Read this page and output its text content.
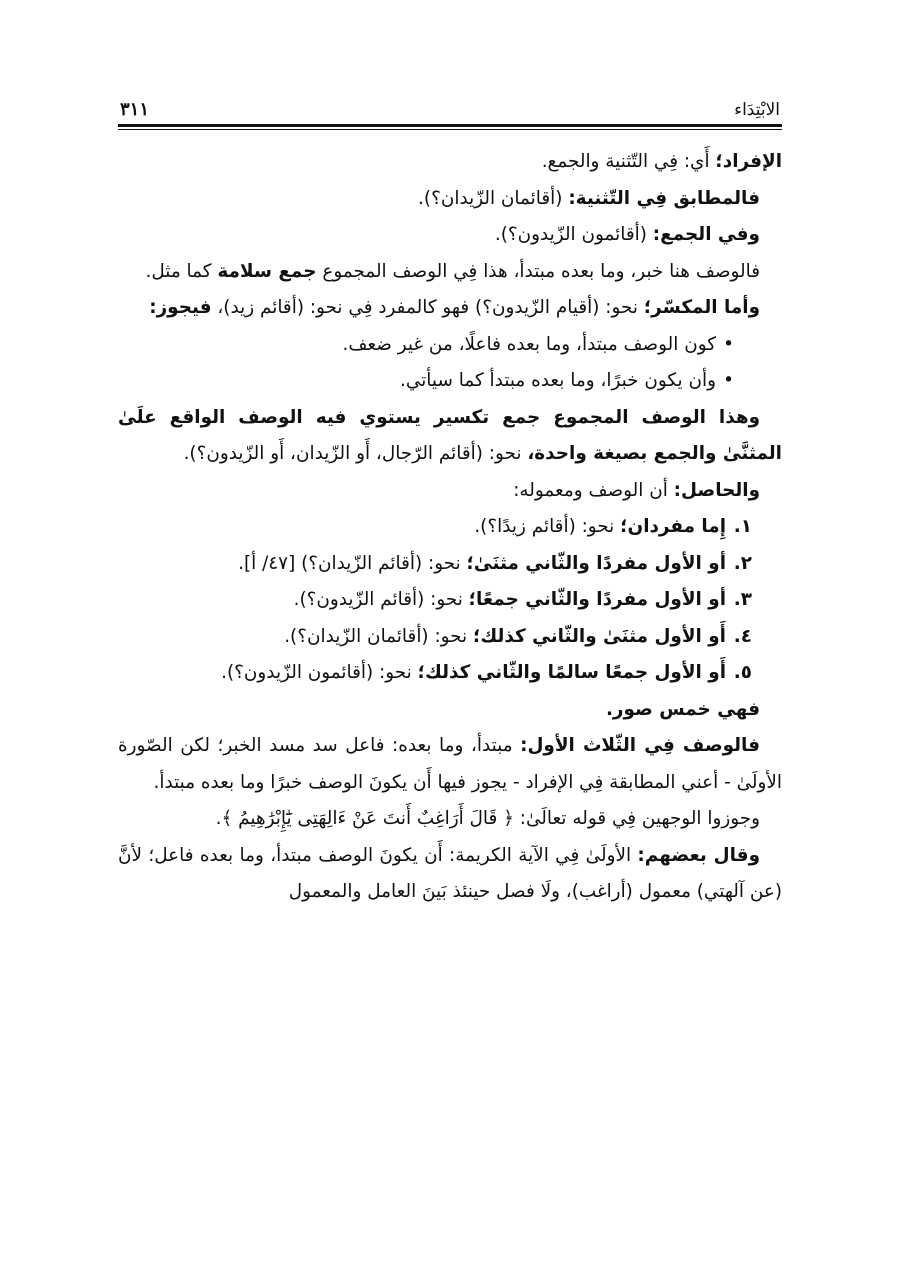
الابْتِدَاء
٣١١

الإفراد؛ أَي: فِي التّثنية والجمع.

فالمطابق فِي التّثنية: (أقائمان الزّيدان؟).

وفي الجمع: (أقائمون الزّيدون؟).

فالوصف هنا خبر، وما بعده مبتدأ، هذا فِي الوصف المجموع جمع سلامة كما مثل.

وأما المكسّر؛ نحو: (أقيام الزّيدون؟) فهو كالمفرد فِي نحو: (أقائم زيد)، فيجوز:

• كون الوصف مبتدأ، وما بعده فاعلًا، من غير ضعف.
• وأن يكون خبرًا، وما بعده مبتدأ كما سيأتي.

وهذا الوصف المجموع جمع تكسير يستوي فيه الوصف الواقع علَىٰ المثنَّىٰ والجمع بصيغة واحدة، نحو: (أقائم الرّجال، أَو الزّيدان، أَو الزّيدون؟).

والحاصل: أن الوصف ومعموله:

١.إِما مفردان؛ نحو: (أقائم زيدًا؟).
٢.أو الأول مفردًا والثّاني مثنَىٰ؛ نحو: (أقائم الزّيدان؟) [٤٧/ أ].
٣.أو الأول مفردًا والثّاني جمعًا؛ نحو: (أقائم الزّيدون؟).
٤.أَو الأول مثنَىٰ والثّاني كذلك؛ نحو: (أقائمان الزّيدان؟).
٥.أَو الأول جمعًا سالمًا والثّاني كذلك؛ نحو: (أقائمون الزّيدون؟).

فهي خمس صور.

فالوصف فِي الثّلاث الأول: مبتدأ، وما بعده: فاعل سد مسد الخبر؛ لكن الصّورة الأولَىٰ - أعني المطابقة فِي الإفراد - يجوز فيها أَن يكونَ الوصف خبرًا وما بعده مبتدأ.

وجوزوا الوجهين فِي قوله تعالَىٰ: ﴿ قَالَ أَرَاغِبٌ أَنتَ عَنْ ءَالِهَتِى يَٰٓإِبْرَٰهِيمُ ﴾.

وقال بعضهم: الأولَىٰ فِي الآية الكريمة: أَن يكونَ الوصف مبتدأ، وما بعده فاعل؛ لأنَّ (عن آلهتي) معمول (أراغب)، ولَا فصل حينئذ بَينَ العامل والمعمول
